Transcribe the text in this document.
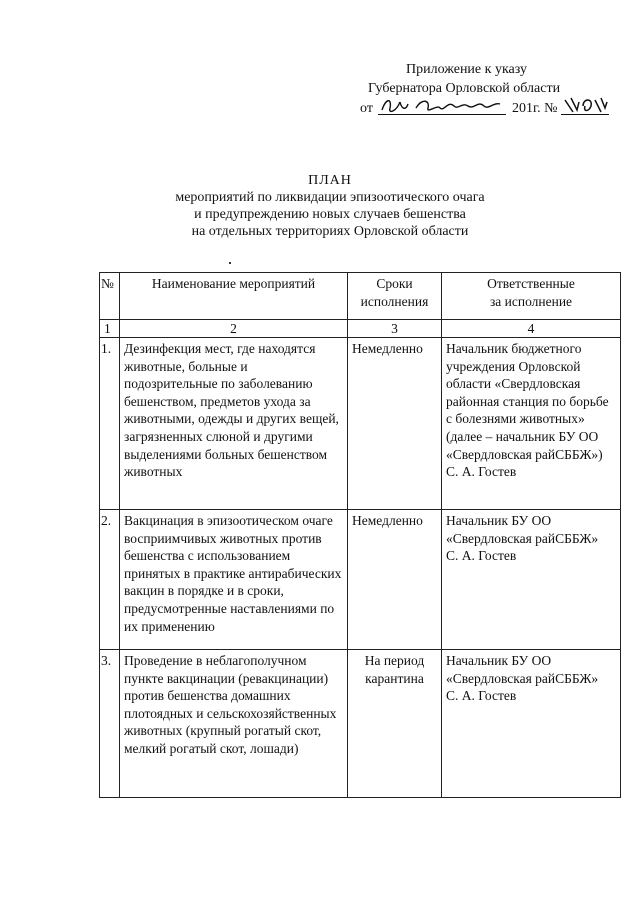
Приложение к указу
Губернатора Орловской области
от	201г. №
ПЛАН
мероприятий по ликвидации эпизоотического очага
и предупреждению новых случаев бешенства
на отдельных территориях Орловской области
№	Наименование мероприятий	Сроки исполнения	Ответственные
за исполнение

1	2	3	4
1.	Дезинфекция мест, где находятся животные, больные и подозрительные по заболеванию бешенством, предметов ухода за животными, одежды и других вещей, загрязненных слюной и другими выделениями больных бешенством животных	Немедленно	Начальник бюджетного учреждения Орловской области «Свердловская районная станция по борьбе с болезнями животных» (далее – начальник БУ ОО «Свердловская райСББЖ»)
С. А. Гостев

2.	Вакцинация в эпизоотическом очаге восприимчивых животных против бешенства с использованием принятых в практике антирабических вакцин в порядке и в сроки, предусмотренные наставлениями по их применению	Немедленно	Начальник БУ ОО «Свердловская райСББЖ»
С. А. Гостев

3.	Проведение в неблагополучном пункте вакцинации (ревакцинации) против бешенства домашних плотоядных и сельскохозяйственных животных (крупный рогатый скот, мелкий рогатый скот, лошади)	На период карантина	Начальник БУ ОО «Свердловская райСББЖ»
С. А. Гостев
